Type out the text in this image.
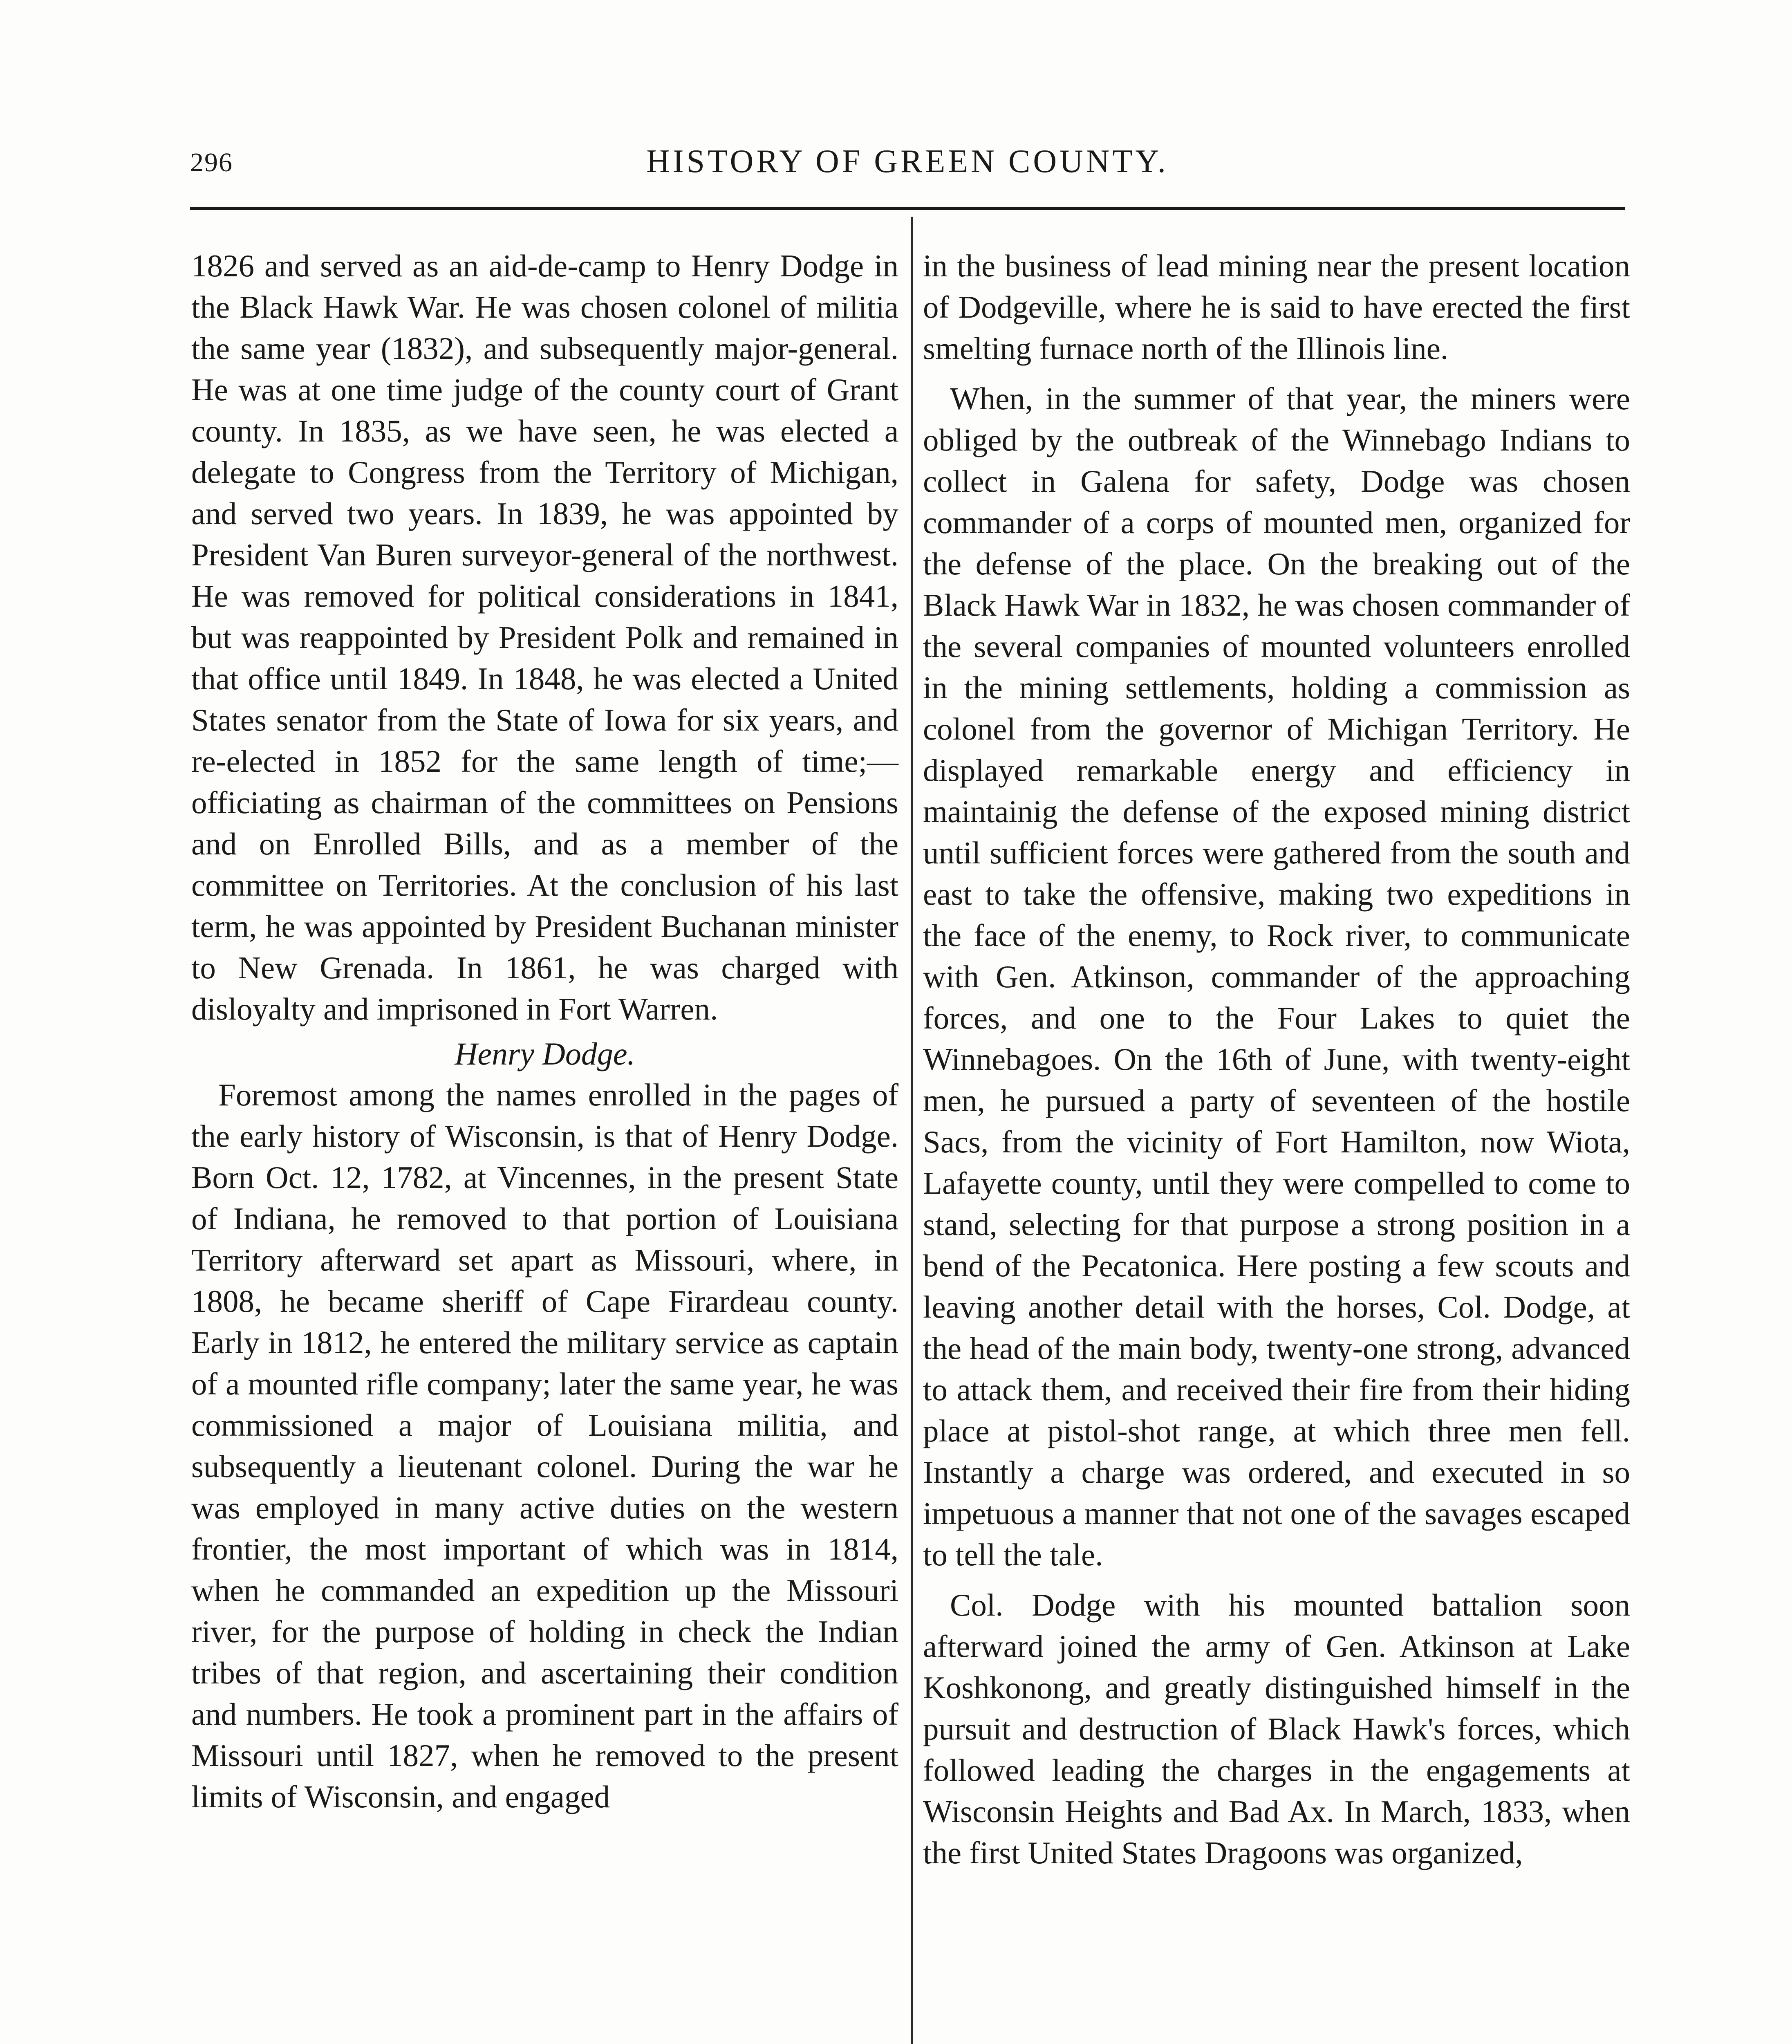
296	HISTORY OF GREEN COUNTY.

1826 and served as an aid-de-camp to Henry Dodge in the Black Hawk War. He was chosen colonel of militia the same year (1832), and subsequently major-general. He was at one time judge of the county court of Grant county. In 1835, as we have seen, he was elected a delegate to Congress from the Territory of Michigan, and served two years. In 1839, he was appointed by President Van Buren surveyor-general of the northwest. He was removed for political considerations in 1841, but was reappointed by President Polk and remained in that office until 1849. In 1848, he was elected a United States senator from the State of Iowa for six years, and re-elected in 1852 for the same length of time;—officiating as chairman of the committees on Pensions and on Enrolled Bills, and as a member of the committee on Territories. At the conclusion of his last term, he was appointed by President Buchanan minister to New Grenada. In 1861, he was charged with disloyalty and imprisoned in Fort Warren.

Henry Dodge.

Foremost among the names enrolled in the pages of the early history of Wisconsin, is that of Henry Dodge. Born Oct. 12, 1782, at Vincennes, in the present State of Indiana, he removed to that portion of Louisiana Territory afterward set apart as Missouri, where, in 1808, he became sheriff of Cape Firardeau county. Early in 1812, he entered the military service as captain of a mounted rifle company; later the same year, he was commissioned a major of Louisiana militia, and subsequently a lieutenant colonel. During the war he was employed in many active duties on the western frontier, the most important of which was in 1814, when he commanded an expedition up the Missouri river, for the purpose of holding in check the Indian tribes of that region, and ascertaining their condition and numbers. He took a prominent part in the affairs of Missouri until 1827, when he removed to the present limits of Wisconsin, and engaged

in the business of lead mining near the present location of Dodgeville, where he is said to have erected the first smelting furnace north of the Illinois line.

When, in the summer of that year, the miners were obliged by the outbreak of the Winnebago Indians to collect in Galena for safety, Dodge was chosen commander of a corps of mounted men, organized for the defense of the place. On the breaking out of the Black Hawk War in 1832, he was chosen commander of the several companies of mounted volunteers enrolled in the mining settlements, holding a commission as colonel from the governor of Michigan Territory. He displayed remarkable energy and efficiency in maintainig the defense of the exposed mining district until sufficient forces were gathered from the south and east to take the offensive, making two expeditions in the face of the enemy, to Rock river, to communicate with Gen. Atkinson, commander of the approaching forces, and one to the Four Lakes to quiet the Winnebagoes. On the 16th of June, with twenty-eight men, he pursued a party of seventeen of the hostile Sacs, from the vicinity of Fort Hamilton, now Wiota, Lafayette county, until they were compelled to come to stand, selecting for that purpose a strong position in a bend of the Pecatonica. Here posting a few scouts and leaving another detail with the horses, Col. Dodge, at the head of the main body, twenty-one strong, advanced to attack them, and received their fire from their hiding place at pistol-shot range, at which three men fell. Instantly a charge was ordered, and executed in so impetuous a manner that not one of the savages escaped to tell the tale.

Col. Dodge with his mounted battalion soon afterward joined the army of Gen. Atkinson at Lake Koshkonong, and greatly distinguished himself in the pursuit and destruction of Black Hawk's forces, which followed leading the charges in the engagements at Wisconsin Heights and Bad Ax. In March, 1833, when the first United States Dragoons was organized,
